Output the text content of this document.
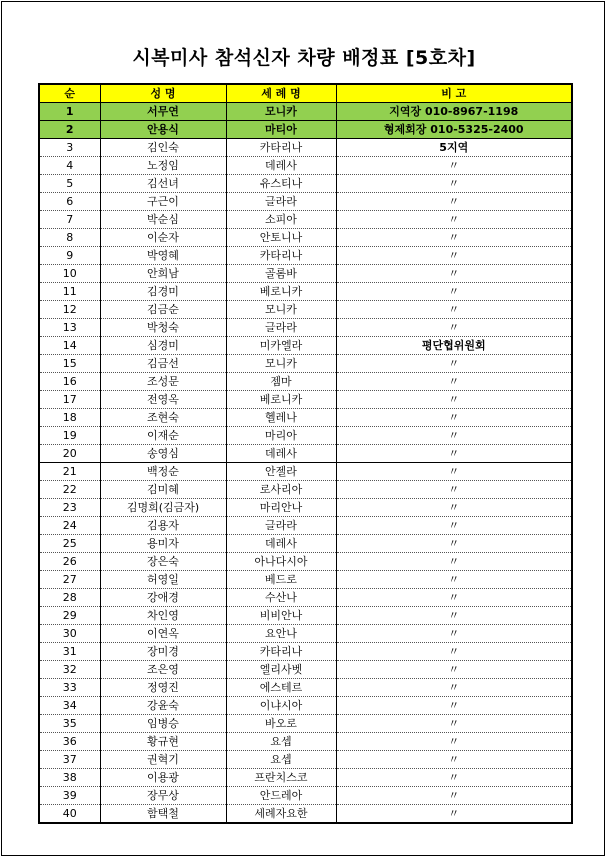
시복미사 참석신자 차량 배정표 [5호차]
순	성 명	세 례 명	비 고
1	서무연	모니카	지역장 010-8967-1198
2	안용식	마티아	형제회장 010-5325-2400
3	김인숙	카타리나	5지역
4	노정임	데레사	〃
5	김선녀	유스티나	〃
6	구근이	글라라	〃
7	박순심	소피아	〃
8	이순자	안토니나	〃
9	박영혜	카타리나	〃
10	안희남	골롬바	〃
11	김경미	베로니카	〃
12	김금순	모니카	〃
13	박청숙	글라라	〃
14	심경미	미카엘라	평단협위원회
15	김금선	모니카	〃
16	조성문	젬마	〃
17	전영옥	베로니카	〃
18	조현숙	헬레나	〃
19	이재순	마리아	〃
20	송영심	데레사	〃
21	백정순	안젤라	〃
22	김미혜	로사리아	〃
23	김명희(김금자)	마리안나	〃
24	김용자	글라라	〃
25	용미자	데레사	〃
26	장은숙	아나다시아	〃
27	허영일	베드로	〃
28	강애경	수산나	〃
29	차인영	비비안나	〃
30	이연옥	요안나	〃
31	장미경	카타리나	〃
32	조은영	엘리사벳	〃
33	정영진	에스테르	〃
34	강윤숙	이냐시아	〃
35	임병승	바오로	〃
36	황규현	요셉	〃
37	권혁기	요셉	〃
38	이용광	프란치스코	〃
39	장무상	안드레아	〃
40	함택철	세례자요한	〃
